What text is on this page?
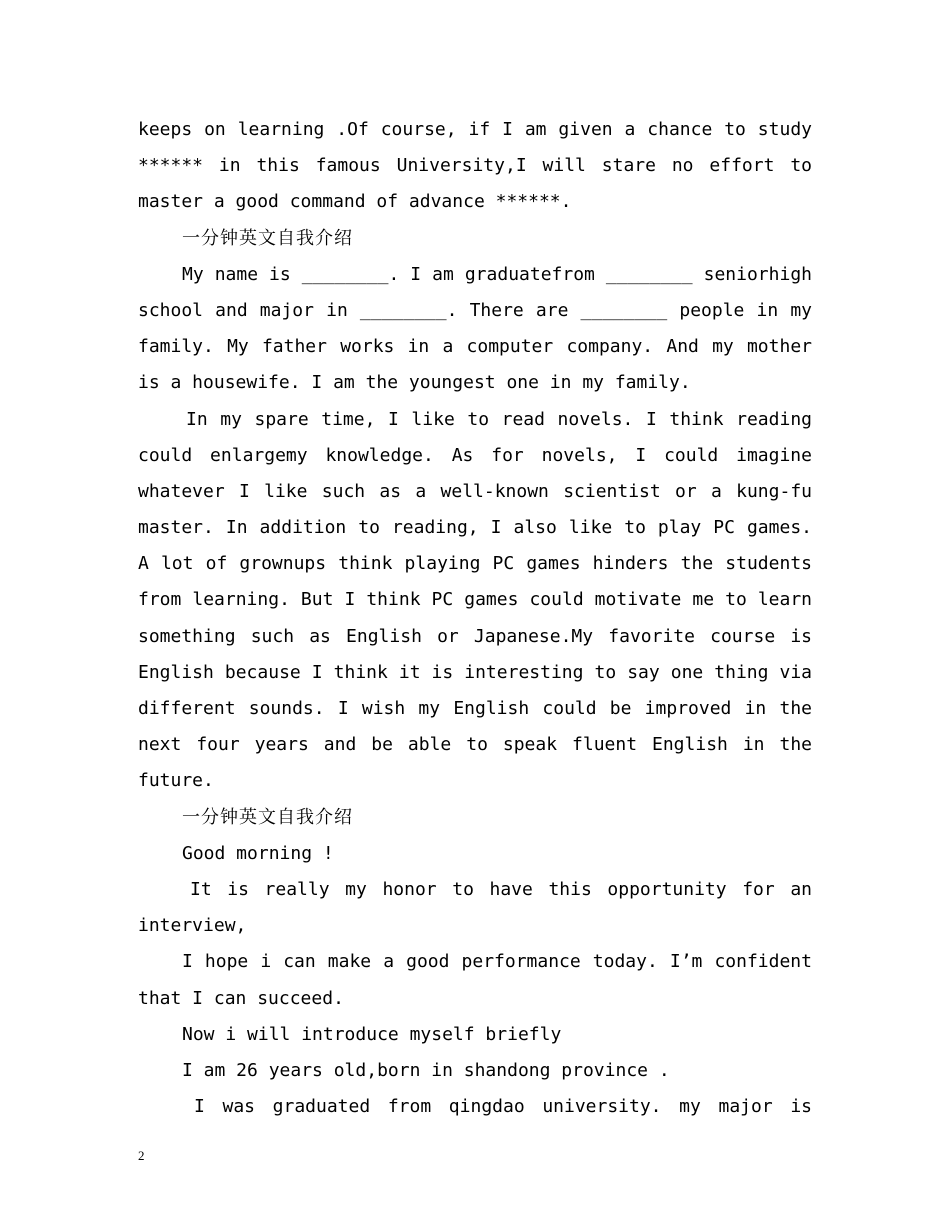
keeps on learning .Of course, if I am given a chance to study
****** in this famous University,I will stare no effort to
master a good command of advance ******.
一分钟英文自我介绍
My name is ________. I am graduatefrom ________ seniorhigh
school and major in ________. There are ________ people in my
family. My father works in a computer company. And my mother
is a housewife. I am the youngest one in my family.
In my spare time, I like to read novels. I think reading
could enlargemy knowledge. As for novels, I could imagine
whatever I like such as a well-known scientist or a kung-fu
master. In addition to reading, I also like to play PC games.
A lot of grownups think playing PC games hinders the students
from learning. But I think PC games could motivate me to learn
something such as English or Japanese.My favorite course is
English because I think it is interesting to say one thing via
different sounds. I wish my English could be improved in the
next four years and be able to speak fluent English in the
future.
一分钟英文自我介绍
Good morning !
It is really my honor to have this opportunity for an
interview,
I hope i can make a good performance today. I’m confident
that I can succeed.
Now i will introduce myself briefly
I am 26 years old,born in shandong province .
I was graduated from qingdao university. my major is
2
